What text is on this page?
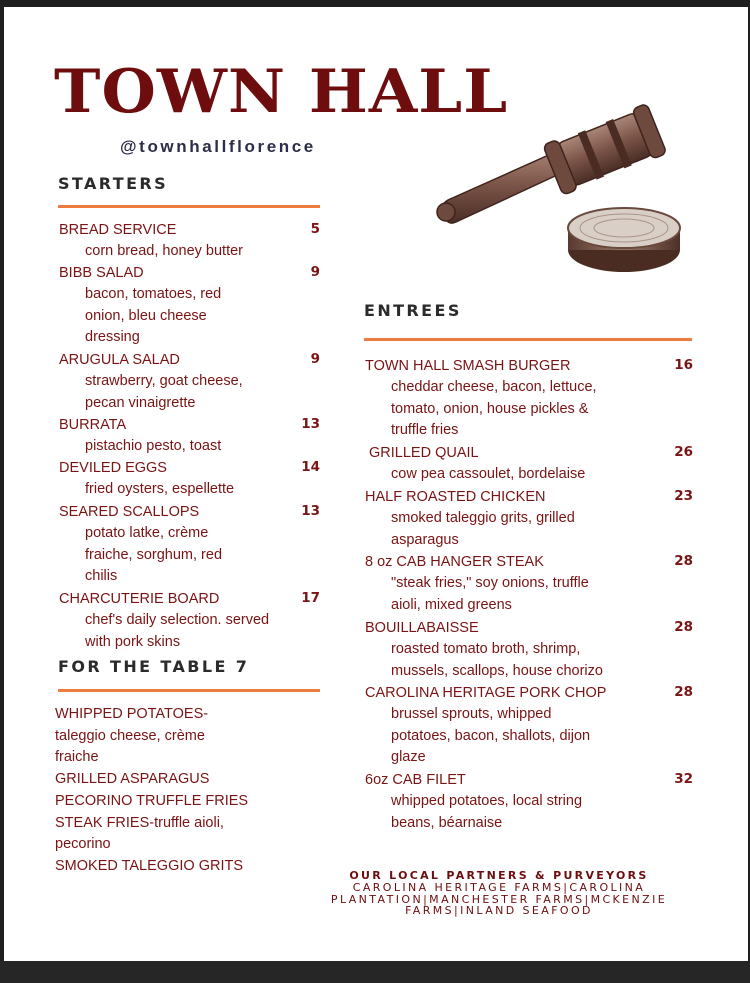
TOWN HALL
@townhallflorence
STARTERS
BREAD SERVICE	5
corn bread, honey butter
BIBB SALAD	9
bacon, tomatoes, red onion, bleu cheese dressing
ARUGULA SALAD	9
strawberry, goat cheese, pecan vinaigrette
BURRATA	13
pistachio pesto, toast
DEVILED EGGS	14
fried oysters, espellette
SEARED SCALLOPS	13
potato latke, crème fraiche, sorghum, red chilis
CHARCUTERIE BOARD	17
chef's daily selection. served with pork skins
FOR THE TABLE 7
WHIPPED POTATOES- taleggio cheese, crème fraiche
GRILLED ASPARAGUS
PECORINO TRUFFLE FRIES
STEAK FRIES-truffle aioli, pecorino
SMOKED TALEGGIO GRITS
ENTREES
TOWN HALL SMASH BURGER	16
cheddar cheese, bacon, lettuce, tomato, onion, house pickles & truffle fries
GRILLED QUAIL	26
cow pea cassoulet, bordelaise
HALF ROASTED CHICKEN	23
smoked taleggio grits, grilled asparagus
8 oz CAB HANGER STEAK	28
"steak fries," soy onions, truffle aioli, mixed greens
BOUILLABAISSE	28
roasted tomato broth, shrimp, mussels, scallops, house chorizo
CAROLINA HERITAGE PORK CHOP	28
brussel sprouts, whipped potatoes, bacon, shallots, dijon glaze
6oz CAB FILET	32
whipped potatoes, local string beans, béarnaise
OUR LOCAL PARTNERS & PURVEYORS
CAROLINA HERITAGE FARMS|CAROLINA
PLANTATION|MANCHESTER FARMS|MCKENZIE
FARMS|INLAND SEAFOOD
